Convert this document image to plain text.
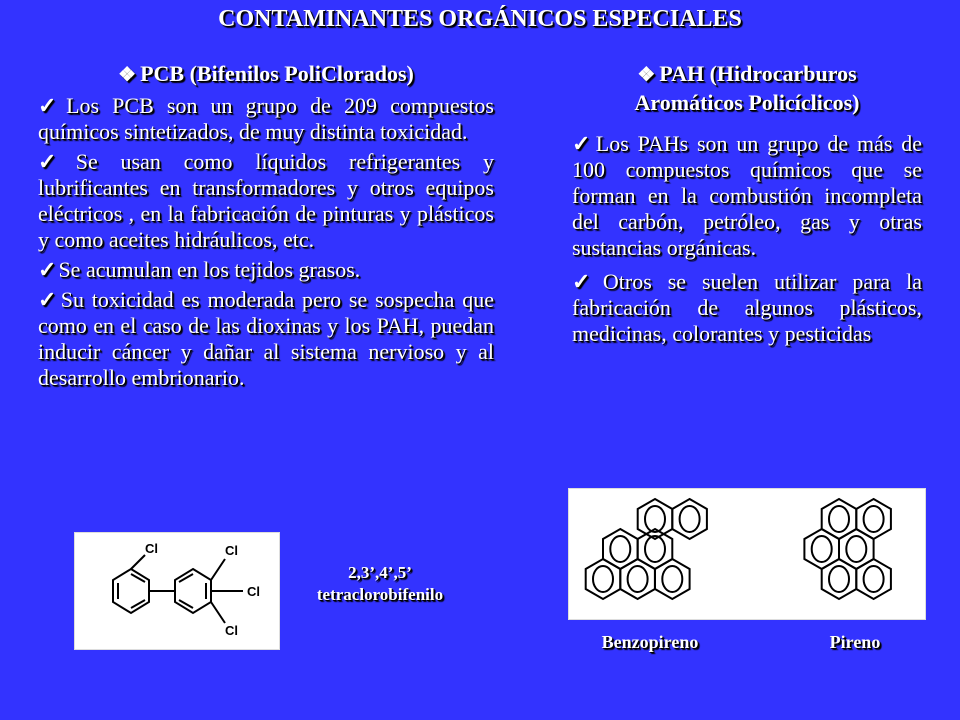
CONTAMINANTES ORGÁNICOS ESPECIALES
❖ PCB (Bifenilos PoliClorados)
✓Los PCB son un grupo de 209 compuestos químicos sintetizados, de muy distinta toxicidad.
✓Se usan como líquidos refrigerantes y lubrificantes en transformadores y otros equipos eléctricos , en la fabricación de pinturas y plásticos y como aceites hidráulicos, etc.
✓Se acumulan en los tejidos grasos.
✓Su toxicidad es moderada pero se sospecha que como en el caso de las dioxinas y los PAH, puedan inducir cáncer y dañar al sistema nervioso y al desarrollo embrionario.
Cl	Cl
Cl
Cl
2,3’,4’,5’
tetraclorobifenilo
❖ PAH (Hidrocarburos
Aromáticos Policíclicos)
✓Los PAHs son un grupo de más de 100 compuestos químicos que se forman en la combustión incompleta del carbón, petróleo, gas y otras sustancias orgánicas.
✓Otros se suelen utilizar para la fabricación de algunos plásticos, medicinas, colorantes y pesticidas
Benzopireno	Pireno
